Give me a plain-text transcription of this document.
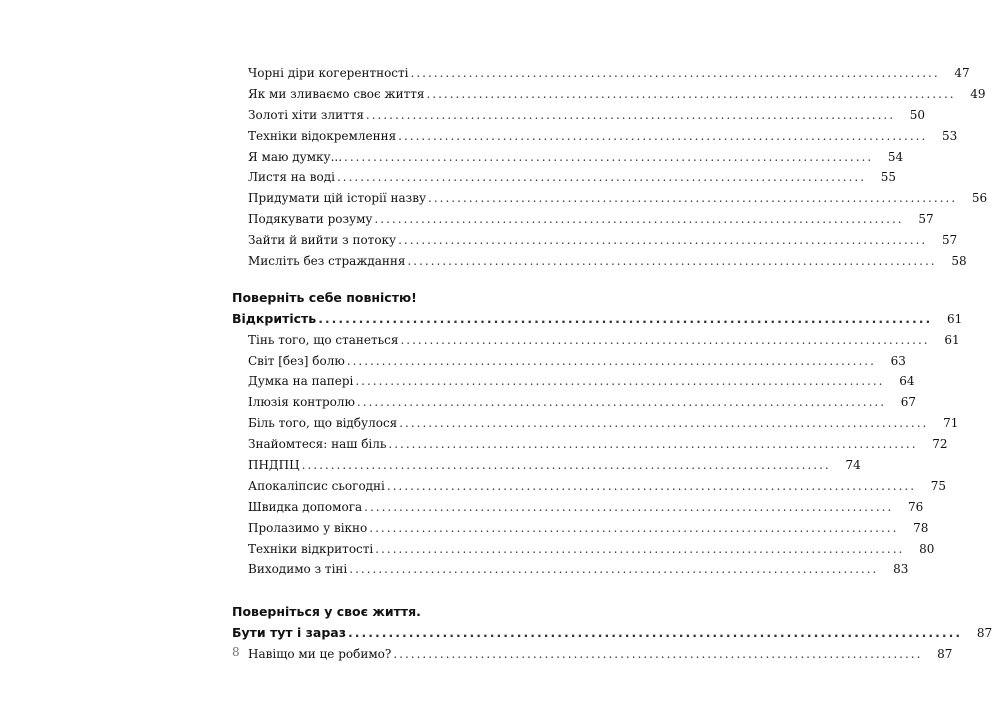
Чорні діри когерентності ...........................................................................................	47
Як ми зливаємо своє життя ...........................................................................................	49
Золоті хіти злиття ...........................................................................................	50
Техніки відокремлення ...........................................................................................	53
Я маю думку... ...........................................................................................	54
Листя на воді ...........................................................................................	55
Придумати цій історії назву ...........................................................................................	56
Подякувати розуму ...........................................................................................	57
Зайти й вийти з потоку ...........................................................................................	57
Мисліть без страждання ...........................................................................................	58
Поверніть себе повністю!
Відкритість ...........................................................................................	61
Тінь того, що станеться ...........................................................................................	61
Світ [без] болю ...........................................................................................	63
Думка на папері ...........................................................................................	64
Ілюзія контролю ...........................................................................................	67
Біль того, що відбулося ...........................................................................................	71
Знайомтеся: наш біль ...........................................................................................	72
ПНДПЦ ...........................................................................................	74
Апокаліпсис сьогодні ...........................................................................................	75
Швидка допомога ...........................................................................................	76
Пролазимо у вікно ...........................................................................................	78
Техніки відкритості ...........................................................................................	80
Виходимо з тіні ...........................................................................................	83
Поверніться у своє життя.
Бути тут і зараз ...........................................................................................	87
Навіщо ми це робимо? ...........................................................................................	87
8
